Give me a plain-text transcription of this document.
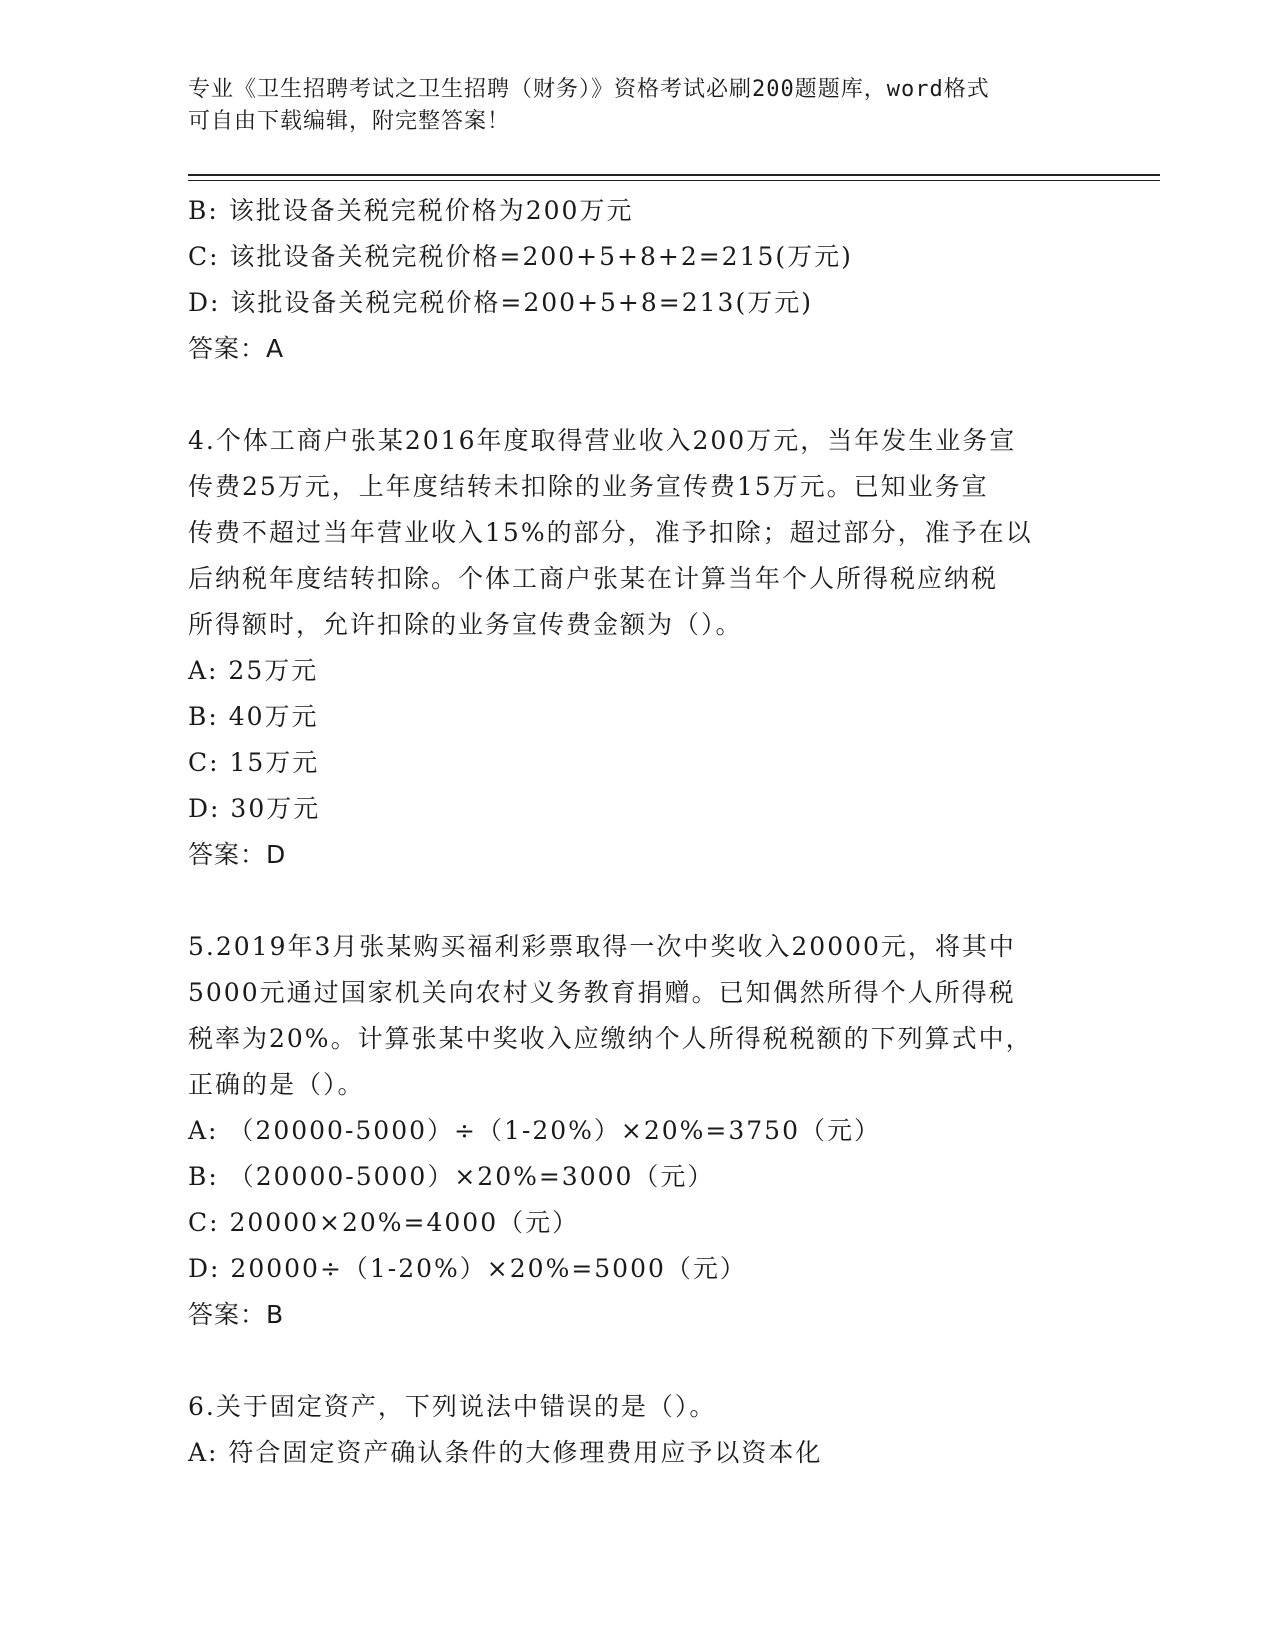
专业《卫生招聘考试之卫生招聘（财务）》资格考试必刷200题题库，word格式
可自由下载编辑，附完整答案！
B: 该批设备关税完税价格为200万元
C: 该批设备关税完税价格=200+5+8+2=215(万元)
D: 该批设备关税完税价格=200+5+8=213(万元)
答案：A
4.个体工商户张某2016年度取得营业收入200万元，当年发生业务宣
传费25万元，上年度结转未扣除的业务宣传费15万元。已知业务宣
传费不超过当年营业收入15%的部分，准予扣除；超过部分，准予在以
后纳税年度结转扣除。个体工商户张某在计算当年个人所得税应纳税
所得额时，允许扣除的业务宣传费金额为（）。
A: 25万元
B: 40万元
C: 15万元
D: 30万元
答案：D
5.2019年3月张某购买福利彩票取得一次中奖收入20000元，将其中
5000元通过国家机关向农村义务教育捐赠。已知偶然所得个人所得税
税率为20%。计算张某中奖收入应缴纳个人所得税税额的下列算式中，
正确的是（）。
A: （20000-5000）÷（1-20%）×20%=3750（元）
B: （20000-5000）×20%=3000（元）
C: 20000×20%=4000（元）
D: 20000÷（1-20%）×20%=5000（元）
答案：B
6.关于固定资产，下列说法中错误的是（）。
A: 符合固定资产确认条件的大修理费用应予以资本化
